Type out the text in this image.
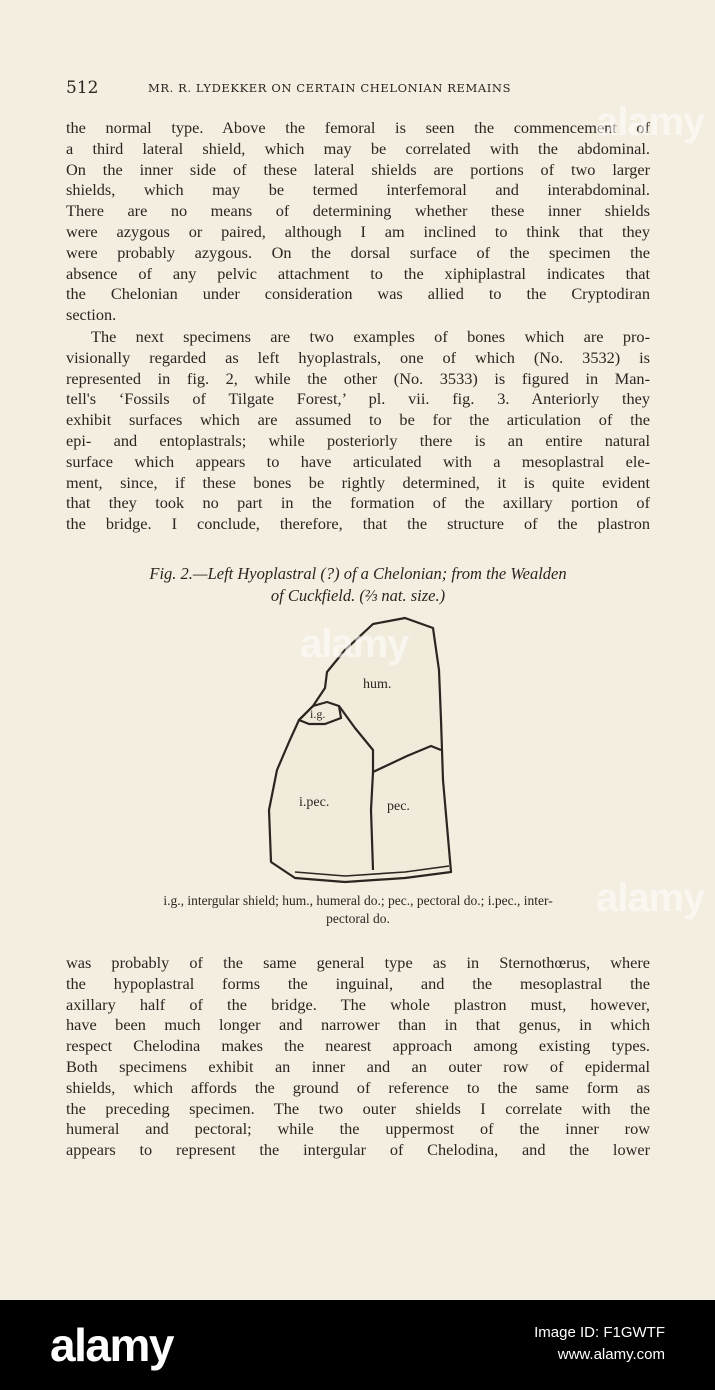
512	MR. R. LYDEKKER ON CERTAIN CHELONIAN REMAINS

the normal type. Above the femoral is seen the commencement of
a third lateral shield, which may be correlated with the abdominal.
On the inner side of these lateral shields are portions of two larger
shields, which may be termed interfemoral and interabdominal.
There are no means of determining whether these inner shields
were azygous or paired, although I am inclined to think that they
were probably azygous. On the dorsal surface of the specimen the
absence of any pelvic attachment to the xiphiplastral indicates that
the Chelonian under consideration was allied to the Cryptodiran
section.

The next specimens are two examples of bones which are pro-
visionally regarded as left hyoplastrals, one of which (No. 3532) is
represented in fig. 2, while the other (No. 3533) is figured in Man-
tell's ‘Fossils of Tilgate Forest,’ pl. vii. fig. 3. Anteriorly they
exhibit surfaces which are assumed to be for the articulation of the
epi- and entoplastrals; while posteriorly there is an entire natural
surface which appears to have articulated with a mesoplastral ele-
ment, since, if these bones be rightly determined, it is quite evident
that they took no part in the formation of the axillary portion of
the bridge. I conclude, therefore, that the structure of the plastron

Fig. 2.—Left Hyoplastral (?) of a Chelonian; from the Wealden
of Cuckfield. (⅔ nat. size.)
hum.
i.g.
i.pec.	pec.
i.g., intergular shield; hum., humeral do.; pec., pectoral do.; i.pec., inter-
pectoral do.

was probably of the same general type as in Sternothœrus, where
the hypoplastral forms the inguinal, and the mesoplastral the
axillary half of the bridge. The whole plastron must, however,
have been much longer and narrower than in that genus, in which
respect Chelodina makes the nearest approach among existing types.
Both specimens exhibit an inner and an outer row of epidermal
shields, which affords the ground of reference to the same form as
the preceding specimen. The two outer shields I correlate with the
humeral and pectoral; while the uppermost of the inner row
appears to represent the intergular of Chelodina, and the lower

alamy
alamy
alamy
alamy	Image ID: F1GWTF
www.alamy.com
